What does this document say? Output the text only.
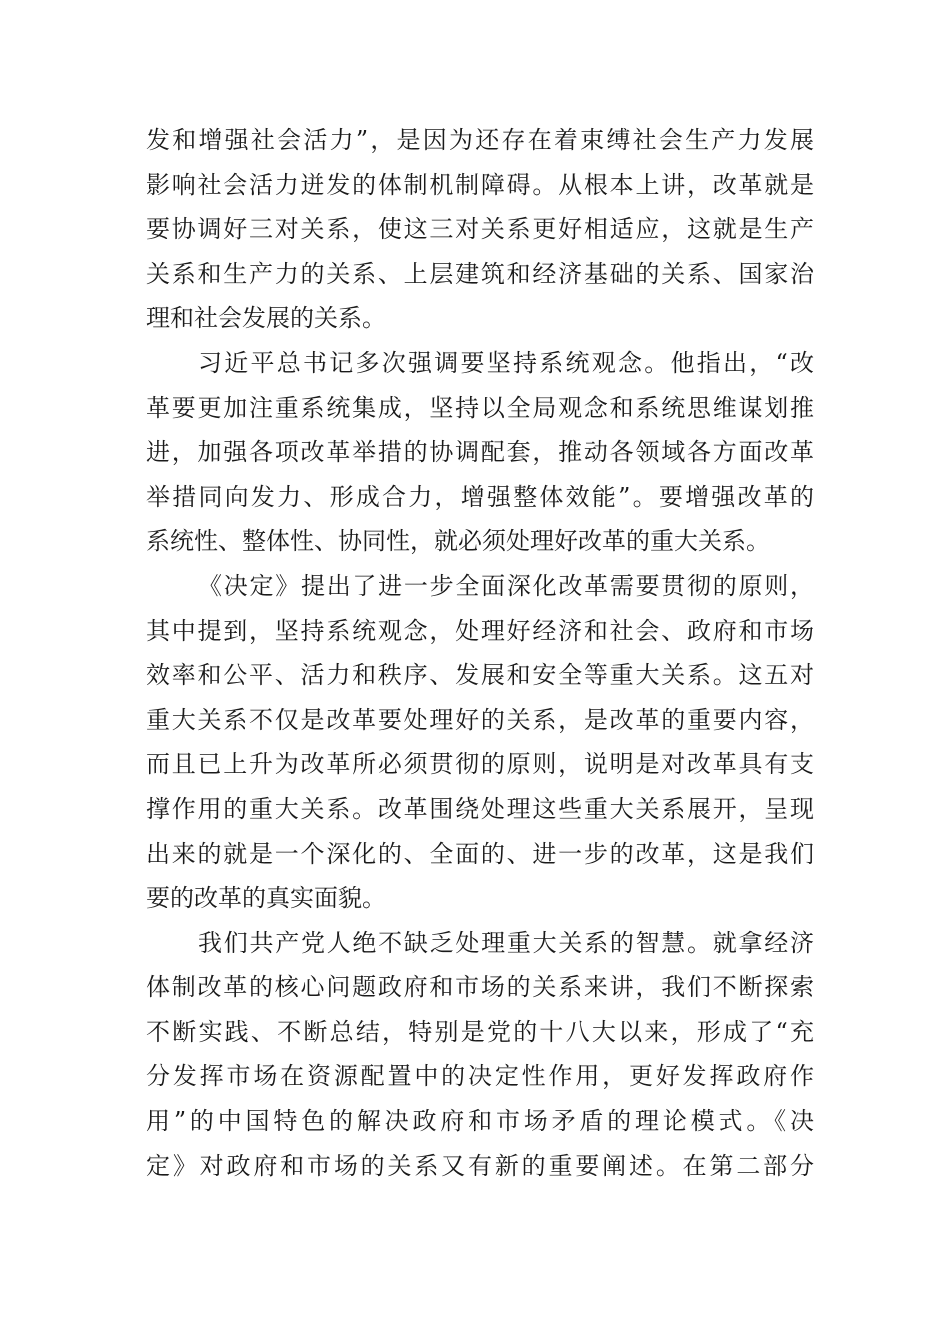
发和增强社会活力”，是因为还存在着束缚社会生产力发展
影响社会活力迸发的体制机制障碍。从根本上讲，改革就是
要协调好三对关系，使这三对关系更好相适应，这就是生产
关系和生产力的关系、上层建筑和经济基础的关系、国家治
理和社会发展的关系。
习近平总书记多次强调要坚持系统观念。他指出，“改
革要更加注重系统集成，坚持以全局观念和系统思维谋划推
进，加强各项改革举措的协调配套，推动各领域各方面改革
举措同向发力、形成合力，增强整体效能”。要增强改革的
系统性、整体性、协同性，就必须处理好改革的重大关系。
《决定》提出了进一步全面深化改革需要贯彻的原则，
其中提到，坚持系统观念，处理好经济和社会、政府和市场
效率和公平、活力和秩序、发展和安全等重大关系。这五对
重大关系不仅是改革要处理好的关系，是改革的重要内容，
而且已上升为改革所必须贯彻的原则，说明是对改革具有支
撑作用的重大关系。改革围绕处理这些重大关系展开，呈现
出来的就是一个深化的、全面的、进一步的改革，这是我们
要的改革的真实面貌。
我们共产党人绝不缺乏处理重大关系的智慧。就拿经济
体制改革的核心问题政府和市场的关系来讲，我们不断探索
不断实践、不断总结，特别是党的十八大以来，形成了“充
分发挥市场在资源配置中的决定性作用，更好发挥政府作
用”的中国特色的解决政府和市场矛盾的理论模式。《决
定》对政府和市场的关系又有新的重要阐述。在第二部分
